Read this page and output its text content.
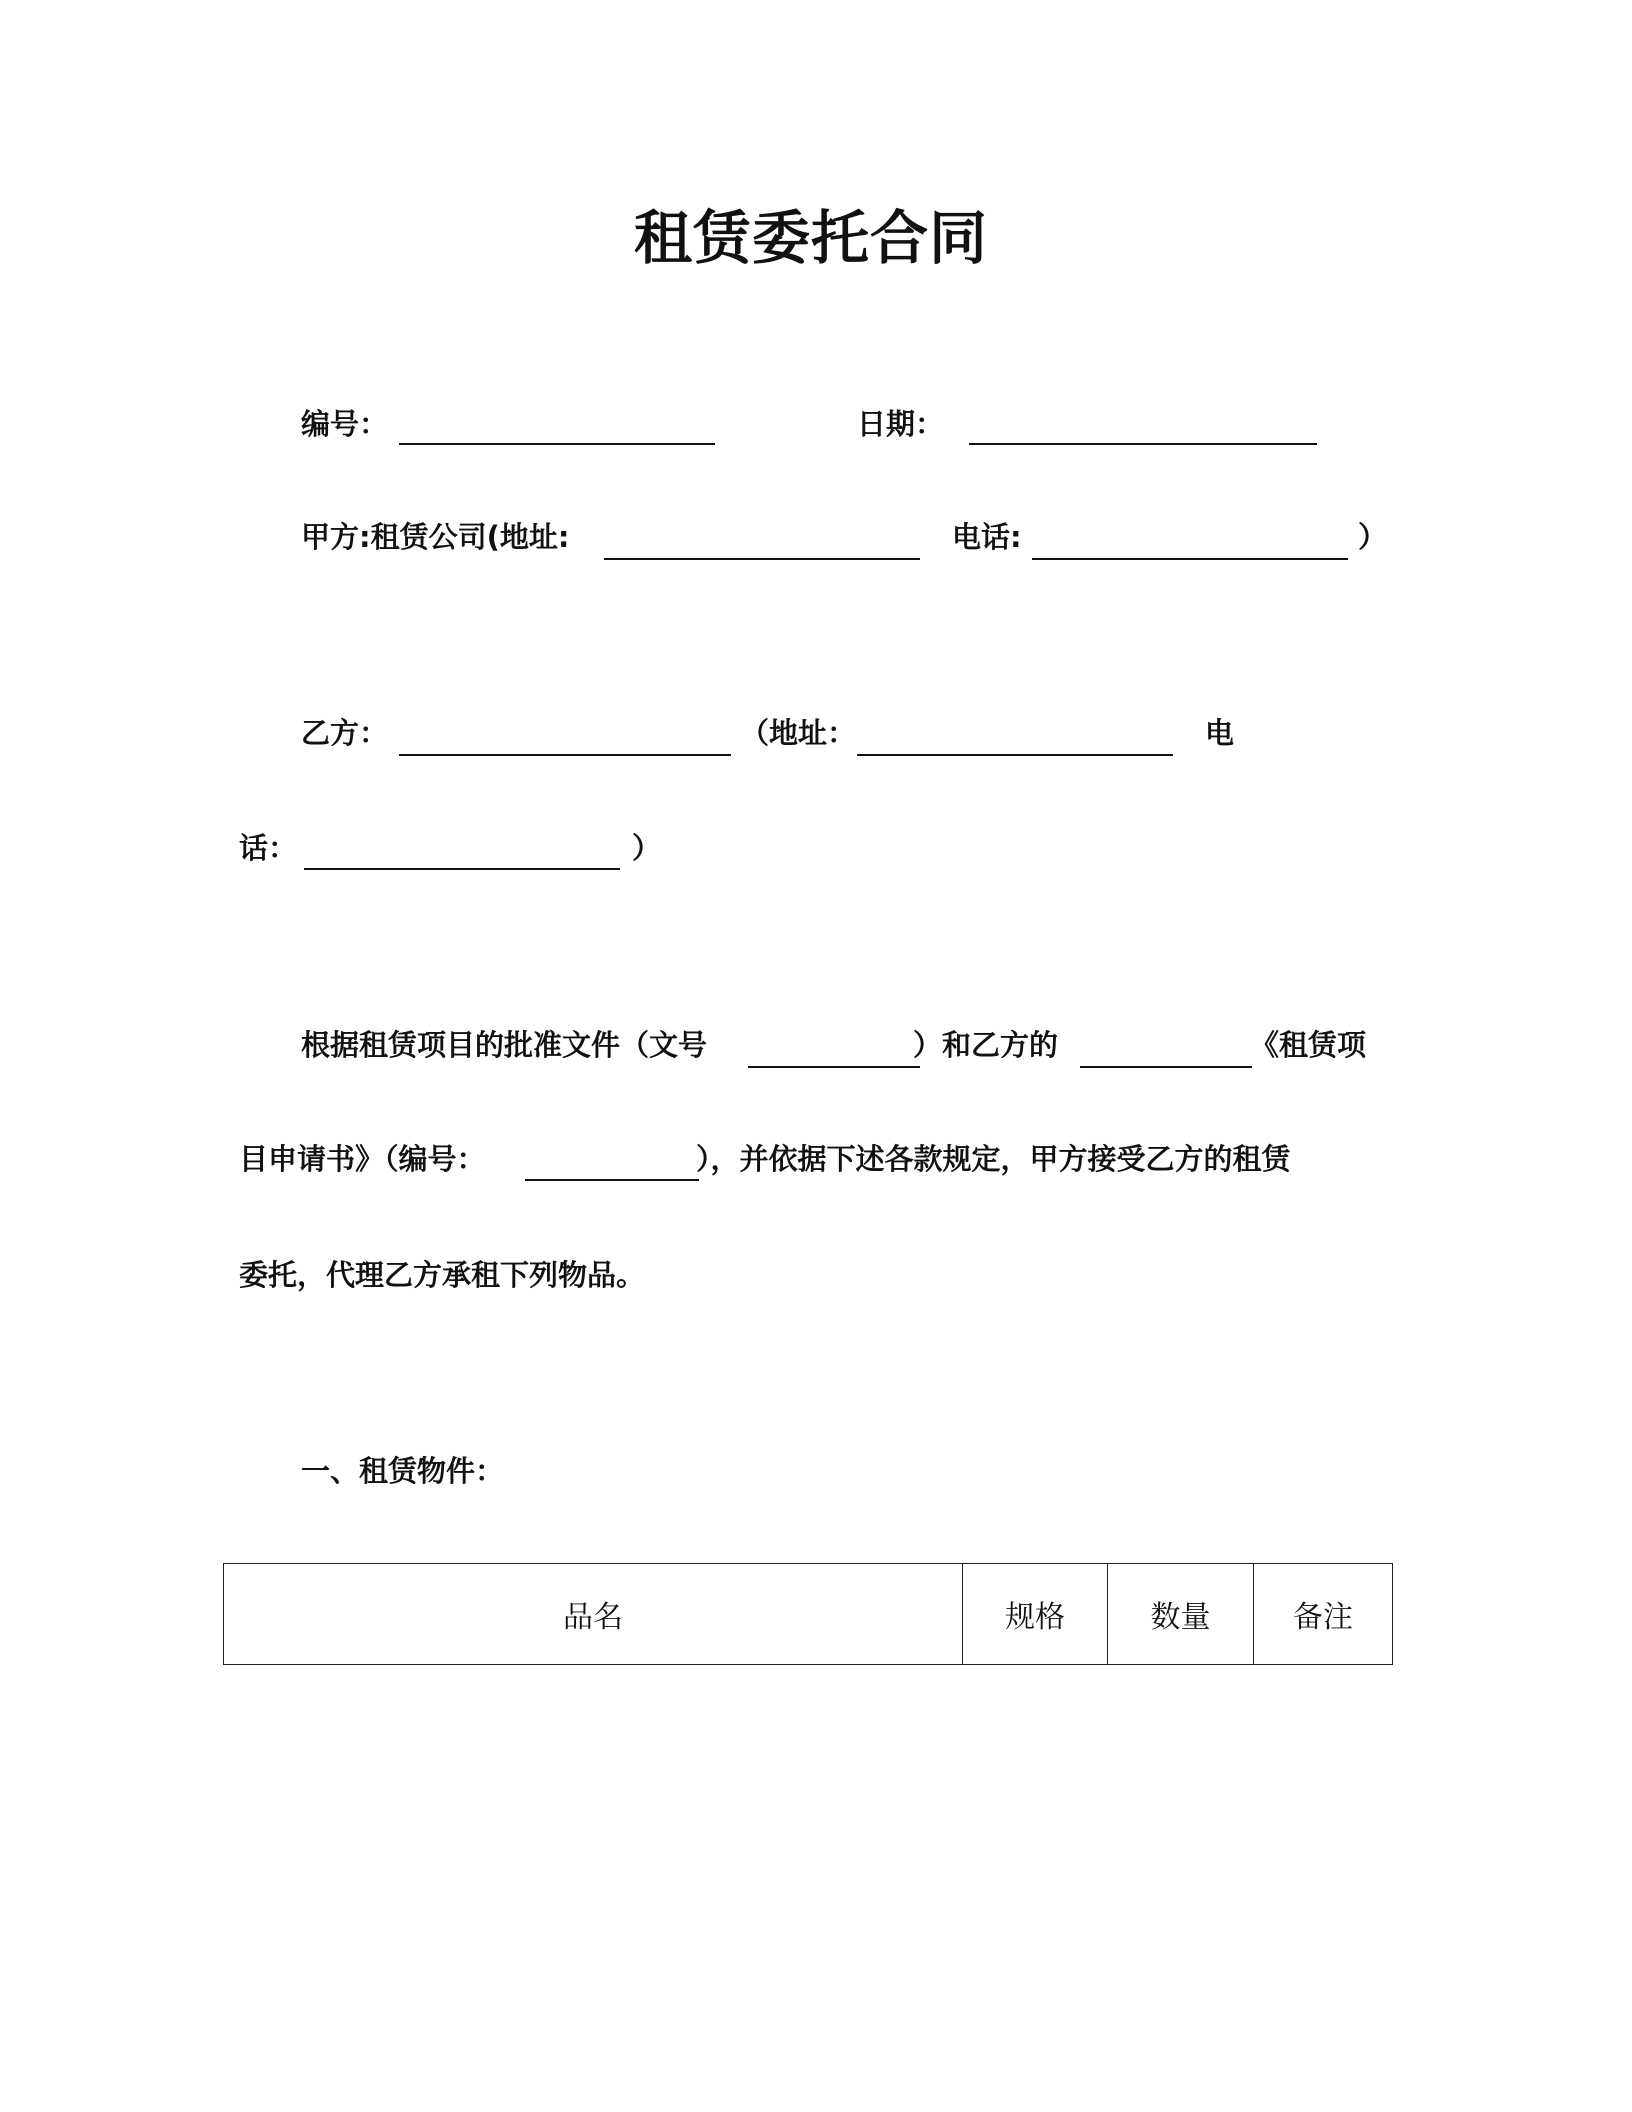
租赁委托合同
编号：	日期：
甲方:租赁公司(地址:	电话:	）
乙方：	（地址：	电
话：	）
根据租赁项目的批准文件（文号	）和乙方的	《租赁项
目申请书》（编号：	），并依据下述各款规定，甲方接受乙方的租赁
委托，代理乙方承租下列物品。
一、租赁物件：
品名	规格	数量	备注
